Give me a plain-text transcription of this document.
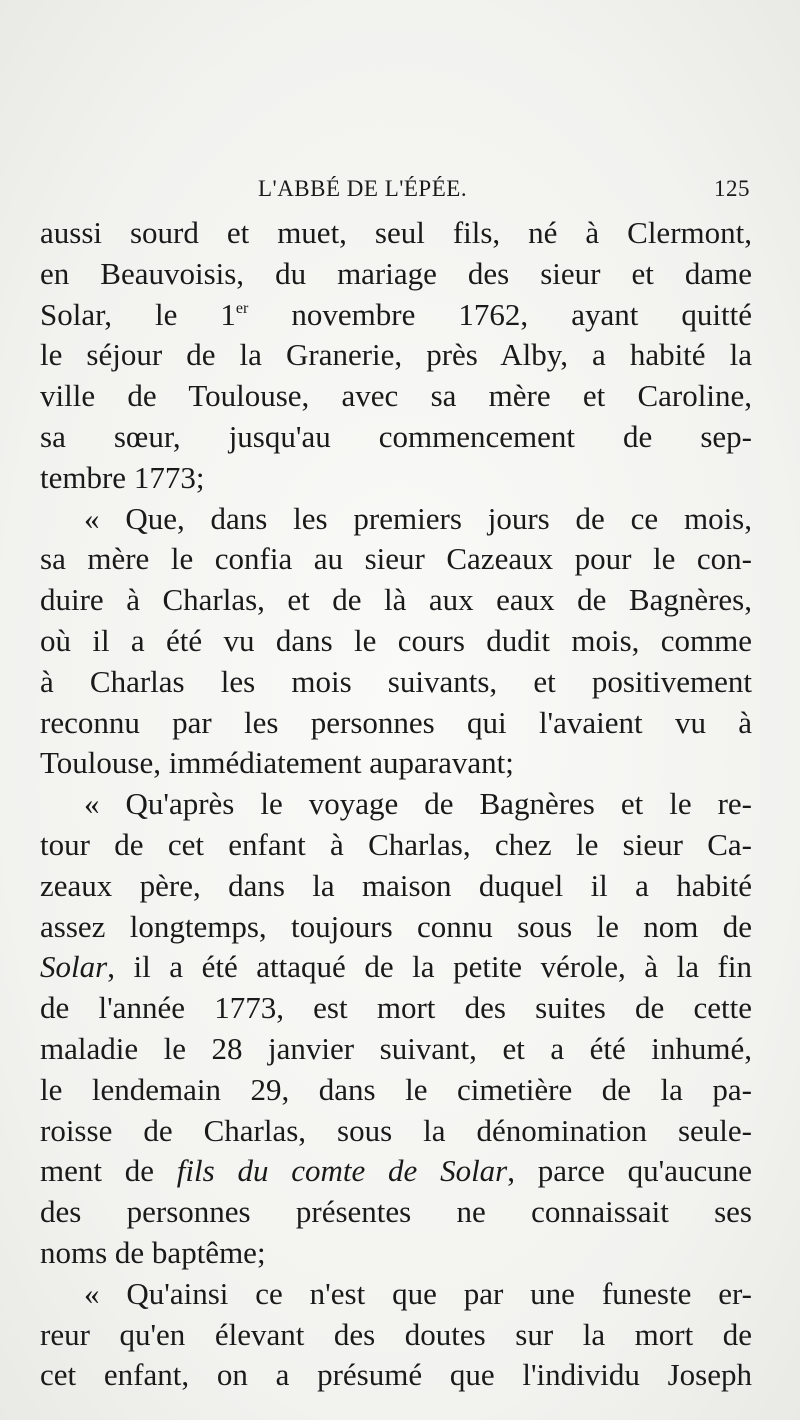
L'ABBÉ DE L'ÉPÉE.	125
aussi sourd et muet, seul fils, né à Clermont,
en Beauvoisis, du mariage des sieur et dame
Solar, le 1er novembre 1762, ayant quitté
le séjour de la Granerie, près Alby, a habité la
ville de Toulouse, avec sa mère et Caroline,
sa sœur, jusqu'au commencement de sep-
tembre 1773;
« Que, dans les premiers jours de ce mois,
sa mère le confia au sieur Cazeaux pour le con-
duire à Charlas, et de là aux eaux de Bagnères,
où il a été vu dans le cours dudit mois, comme
à Charlas les mois suivants, et positivement
reconnu par les personnes qui l'avaient vu à
Toulouse, immédiatement auparavant;
« Qu'après le voyage de Bagnères et le re-
tour de cet enfant à Charlas, chez le sieur Ca-
zeaux père, dans la maison duquel il a habité
assez longtemps, toujours connu sous le nom de
Solar, il a été attaqué de la petite vérole, à la fin
de l'année 1773, est mort des suites de cette
maladie le 28 janvier suivant, et a été inhumé,
le lendemain 29, dans le cimetière de la pa-
roisse de Charlas, sous la dénomination seule-
ment de fils du comte de Solar, parce qu'aucune
des personnes présentes ne connaissait ses
noms de baptême;
« Qu'ainsi ce n'est que par une funeste er-
reur qu'en élevant des doutes sur la mort de
cet enfant, on a présumé que l'individu Joseph
